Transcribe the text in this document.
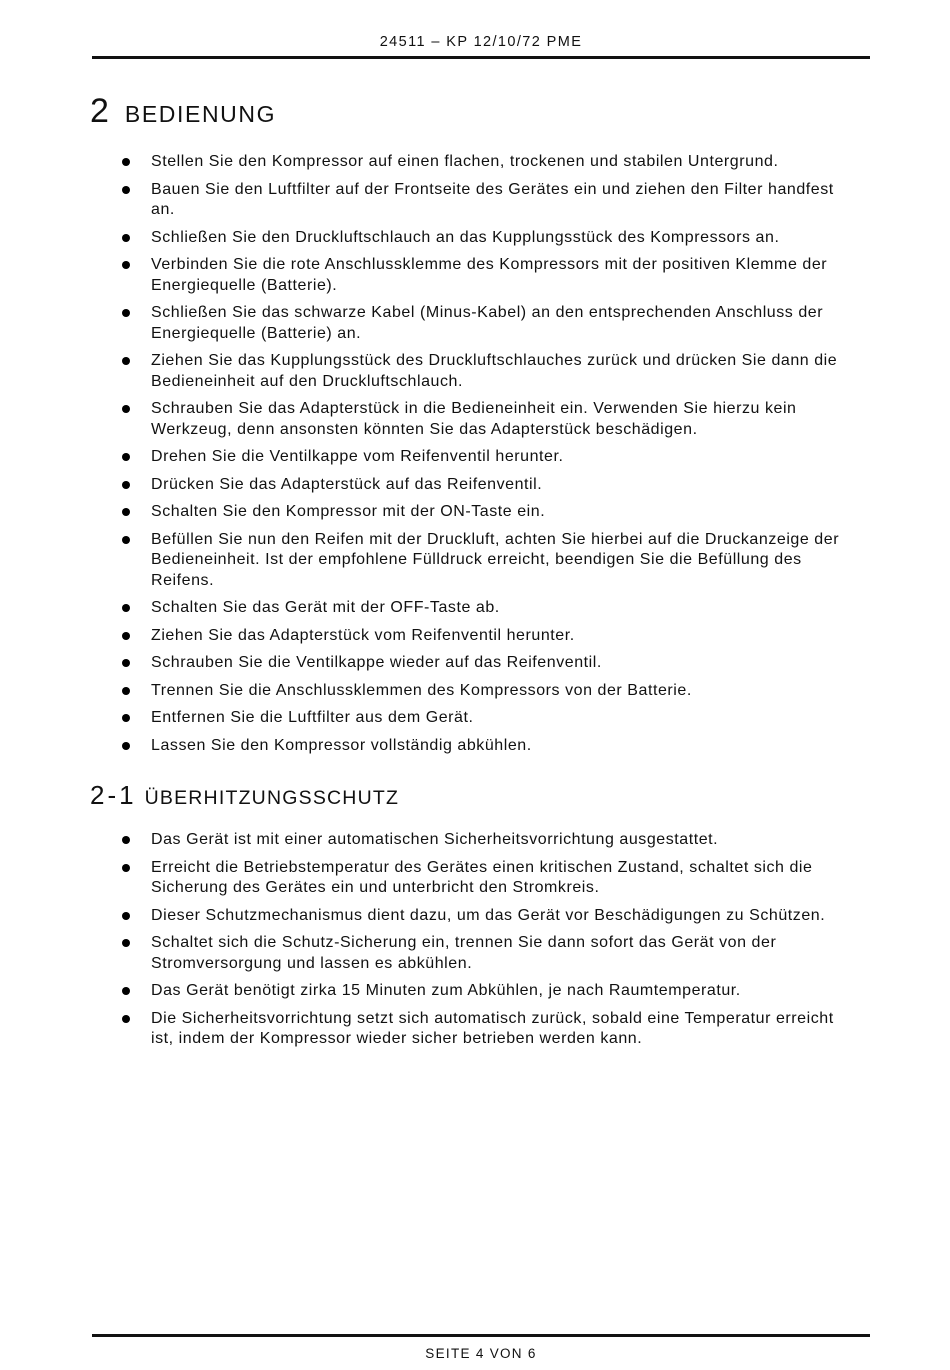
24511 – KP 12/10/72 PME
2 BEDIENUNG
Stellen Sie den Kompressor auf einen flachen, trockenen und stabilen Untergrund.
Bauen Sie den Luftfilter auf der Frontseite des Gerätes ein und ziehen den Filter handfest an.
Schließen Sie den Druckluftschlauch an das Kupplungsstück des Kompressors an.
Verbinden Sie die rote Anschlussklemme des Kompressors mit der positiven Klemme der Energiequelle (Batterie).
Schließen Sie das schwarze Kabel (Minus-Kabel) an den entsprechenden Anschluss der Energiequelle (Batterie) an.
Ziehen Sie das Kupplungsstück des Druckluftschlauches zurück und drücken Sie dann die Bedieneinheit auf den Druckluftschlauch.
Schrauben Sie das Adapterstück in die Bedieneinheit ein. Verwenden Sie hierzu kein Werkzeug, denn ansonsten könnten Sie das Adapterstück beschädigen.
Drehen Sie die Ventilkappe vom Reifenventil herunter.
Drücken Sie das Adapterstück auf das Reifenventil.
Schalten Sie den Kompressor mit der ON-Taste ein.
Befüllen Sie nun den Reifen mit der Druckluft, achten Sie hierbei auf die Druckanzeige der Bedieneinheit. Ist der empfohlene Fülldruck erreicht, beendigen Sie die Befüllung des Reifens.
Schalten Sie das Gerät mit der OFF-Taste ab.
Ziehen Sie das Adapterstück vom Reifenventil herunter.
Schrauben Sie die Ventilkappe wieder auf das Reifenventil.
Trennen Sie die Anschlussklemmen des Kompressors von der Batterie.
Entfernen Sie die Luftfilter aus dem Gerät.
Lassen Sie den Kompressor vollständig abkühlen.
2-1 ÜBERHITZUNGSSCHUTZ
Das Gerät ist mit einer automatischen Sicherheitsvorrichtung ausgestattet.
Erreicht die Betriebstemperatur des Gerätes einen kritischen Zustand, schaltet sich die Sicherung des Gerätes ein und unterbricht den Stromkreis.
Dieser Schutzmechanismus dient dazu, um das Gerät vor Beschädigungen zu Schützen.
Schaltet sich die Schutz-Sicherung ein, trennen Sie dann sofort das Gerät von der Stromversorgung und lassen es abkühlen.
Das Gerät benötigt zirka 15 Minuten zum Abkühlen, je nach Raumtemperatur.
Die Sicherheitsvorrichtung setzt sich automatisch zurück, sobald eine Temperatur erreicht ist, indem der Kompressor wieder sicher betrieben werden kann.
SEITE 4 VON 6
